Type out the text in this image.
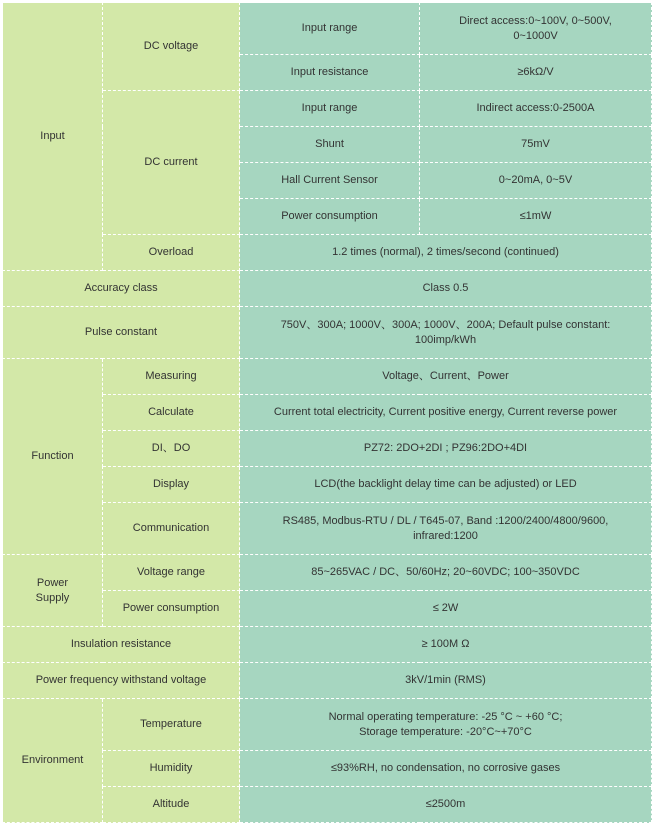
Input	DC voltage	Input range	Direct access:0~100V, 0~500V,
0~1000V
		Input resistance	≥6kΩ/V
	DC current	Input range	Indirect access:0-2500A
		Shunt	75mV
		Hall Current Sensor	0~20mA, 0~5V
		Power consumption	≤1mW
	Overload	1.2 times (normal), 2 times/second (continued)	
Accuracy class		Class 0.5	
Pulse constant		750V、300A; 1000V、300A; 1000V、200A; Default pulse constant:
100imp/kWh	
Function	Measuring	Voltage、Current、Power	
	Calculate	Current total electricity, Current positive energy, Current reverse power	
	DI、DO	PZ72: 2DO+2DI ; PZ96:2DO+4DI	
	Display	LCD(the backlight delay time can be adjusted) or LED	
	Communication	RS485, Modbus-RTU / DL / T645-07, Band :1200/2400/4800/9600,
infrared:1200	
Power
Supply	Voltage range	85~265VAC / DC、50/60Hz; 20~60VDC; 100~350VDC	
	Power consumption	≤ 2W	
Insulation resistance		≥ 100M Ω	
Power frequency withstand voltage		3kV/1min (RMS)	
Environment	Temperature	Normal operating temperature: -25 °C ~ +60 °C;
Storage temperature: -20°C~+70°C	
	Humidity	≤93%RH, no condensation, no corrosive gases	
	Altitude	≤2500m	
